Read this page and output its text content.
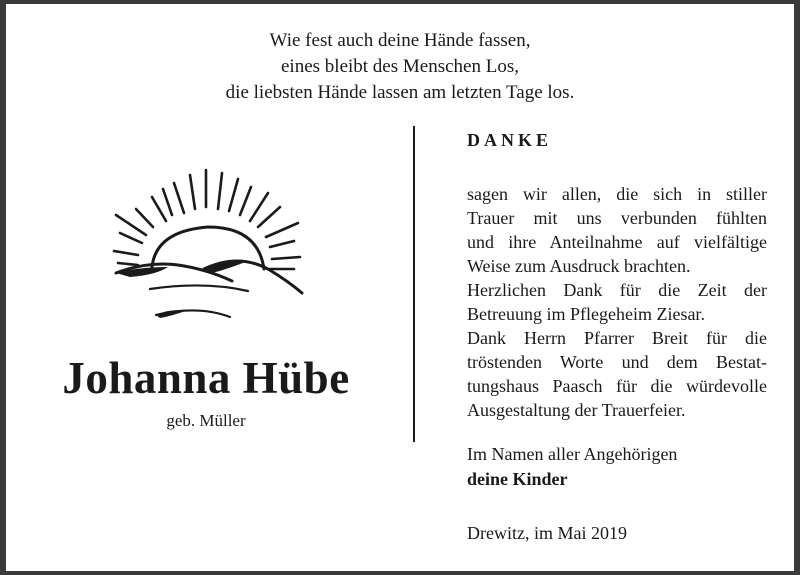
Wie fest auch deine Hände fassen,
eines bleibt des Menschen Los,
die liebsten Hände lassen am letzten Tage los.
Johanna Hübe
geb. Müller
DANKE
sagen wir allen, die sich in stiller
Trauer mit uns verbunden fühlten
und ihre Anteilnahme auf vielfältige
Weise zum Ausdruck brachten.
Herzlichen Dank für die Zeit der
Betreuung im Pflegeheim Ziesar.
Dank Herrn Pfarrer Breit für die
tröstenden Worte und dem Bestat-
tungshaus Paasch für die würdevolle
Ausgestaltung der Trauerfeier.
Im Namen aller Angehörigen
deine Kinder
Drewitz, im Mai 2019
